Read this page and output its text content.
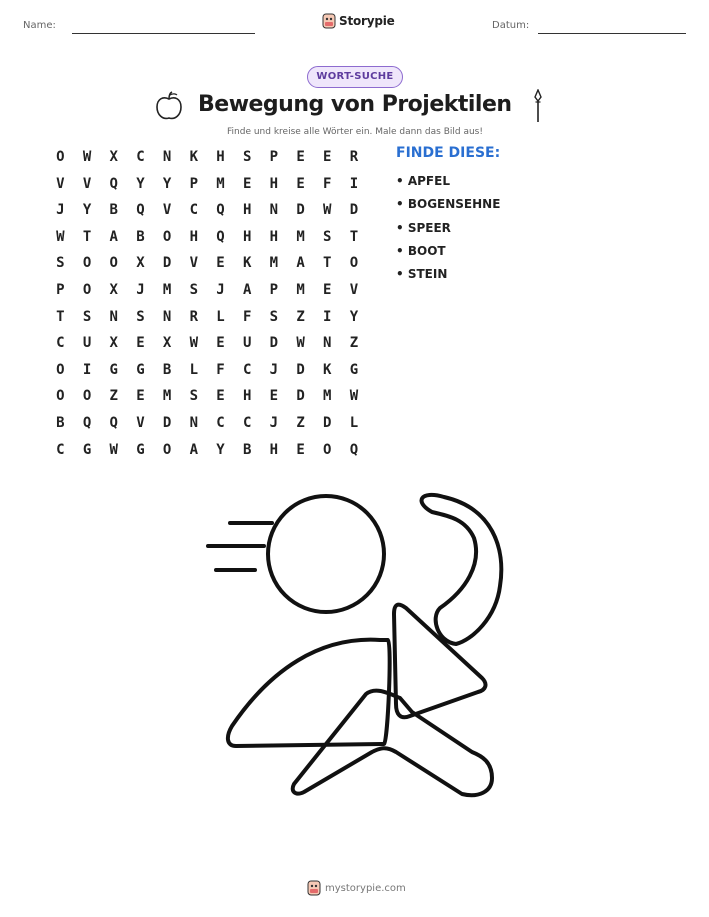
Name:	Storypie	Datum:
WORT-SUCHE
Bewegung von Projektilen
Finde und kreise alle Wörter ein. Male dann das Bild aus!
O	W	X	C	N	K	H	S	P	E	E	R
V	V	Q	Y	Y	P	M	E	H	E	F	I
J	Y	B	Q	V	C	Q	H	N	D	W	D
W	T	A	B	O	H	Q	H	H	M	S	T
S	O	O	X	D	V	E	K	M	A	T	O
P	O	X	J	M	S	J	A	P	M	E	V
T	S	N	S	N	R	L	F	S	Z	I	Y
C	U	X	E	X	W	E	U	D	W	N	Z
O	I	G	G	B	L	F	C	J	D	K	G
O	O	Z	E	M	S	E	H	E	D	M	W
B	Q	Q	V	D	N	C	C	J	Z	D	L
C	G	W	G	O	A	Y	B	H	E	O	Q
FINDE DIESE:
• APFEL
• BOGENSEHNE
• SPEER
• BOOT
• STEIN
mystorypie.com
